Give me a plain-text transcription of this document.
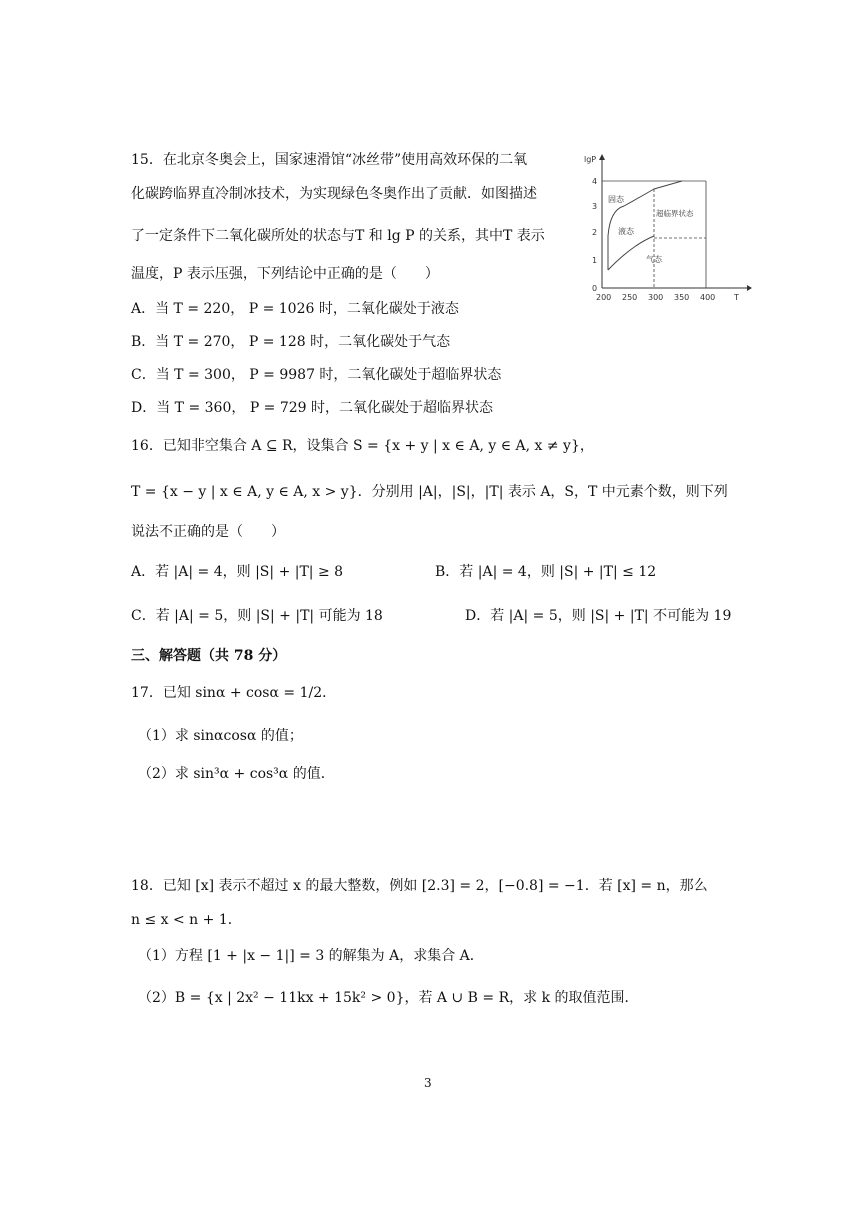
15．在北京冬奥会上，国家速滑馆“冰丝带”使用高效环保的二氧
化碳跨临界直冷制冰技术，为实现绿色冬奥作出了贡献．如图描述
了一定条件下二氧化碳所处的状态与T 和 lg P 的关系，其中T 表示
温度，P 表示压强，下列结论中正确的是（　　）
A．当 T = 220， P = 1026 时，二氧化碳处于液态
B．当 T = 270， P = 128 时，二氧化碳处于气态
C．当 T = 300， P = 9987 时，二氧化碳处于超临界状态
D．当 T = 360， P = 729 时，二氧化碳处于超临界状态
lgP
T
0
1
2
3
4
200 250 300 350 400
固态
液态
超临界状态
气态
16．已知非空集合 A ⊆ R，设集合 S = {x + y | x ∈ A, y ∈ A, x ≠ y}，
T = {x − y | x ∈ A, y ∈ A, x > y}．分别用 |A|，|S|，|T| 表示 A，S，T 中元素个数，则下列
说法不正确的是（　　）
A．若 |A| = 4，则 |S| + |T| ≥ 8	B．若 |A| = 4，则 |S| + |T| ≤ 12
C．若 |A| = 5，则 |S| + |T| 可能为 18	D．若 |A| = 5，则 |S| + |T| 不可能为 19
三、解答题（共 78 分）
17．已知 sinα + cosα = 1/2．
（1）求 sinαcosα 的值；
（2）求 sin³α + cos³α 的值．
18．已知 [x] 表示不超过 x 的最大整数，例如 [2.3] = 2，[−0.8] = −1．若 [x] = n，那么
n ≤ x < n + 1．
（1）方程 [1 + |x − 1|] = 3 的解集为 A，求集合 A．
（2）B = {x | 2x² − 11kx + 15k² > 0}，若 A ∪ B = R，求 k 的取值范围．
3
